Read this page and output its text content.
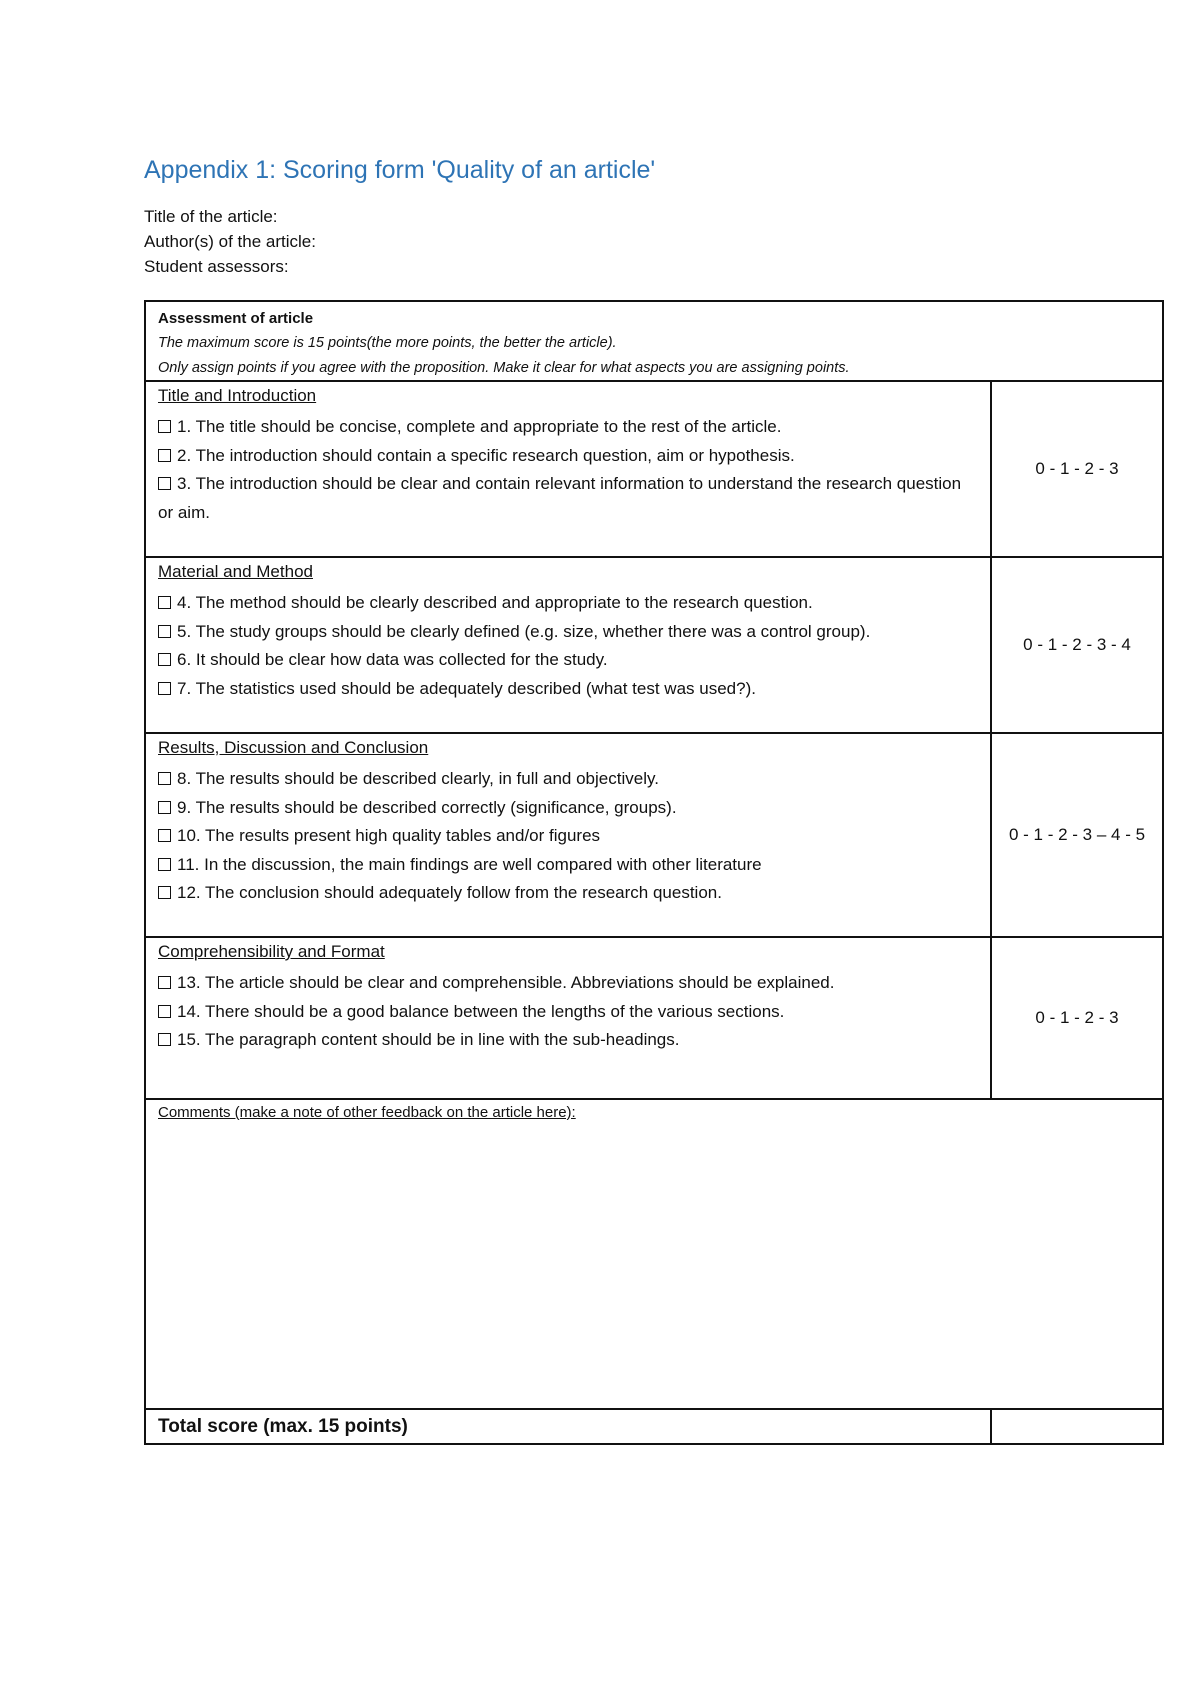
Appendix 1: Scoring form 'Quality of an article'
Title of the article:
Author(s) of the article:
Student assessors:
Assessment of article
The maximum score is 15 points(the more points, the better the article).
Only assign points if you agree with the proposition. Make it clear for what aspects you are assigning points.
Title and Introduction
1. The title should be concise, complete and appropriate to the rest of the article.
2. The introduction should contain a specific research question, aim or hypothesis.
3. The introduction should be clear and contain relevant information to understand the research question or aim.
0 - 1 - 2 - 3
Material and Method
4. The method should be clearly described and appropriate to the research question.
5. The study groups should be clearly defined (e.g. size, whether there was a control group).
6. It should be clear how data was collected for the study.
7. The statistics used should be adequately described (what test was used?).
0 - 1 - 2 - 3 - 4
Results, Discussion and Conclusion
8. The results should be described clearly, in full and objectively.
9. The results should be described correctly (significance, groups).
10. The results present high quality tables and/or figures
11. In the discussion, the main findings are well compared with other literature
12. The conclusion should adequately follow from the research question.
0 - 1 - 2 - 3 – 4 - 5
Comprehensibility and Format
13. The article should be clear and comprehensible. Abbreviations should be explained.
14. There should be a good balance between the lengths of the various sections.
15. The paragraph content should be in line with the sub-headings.
0 - 1 - 2 - 3
Comments (make a note of other feedback on the article here):
Total score (max. 15 points)
